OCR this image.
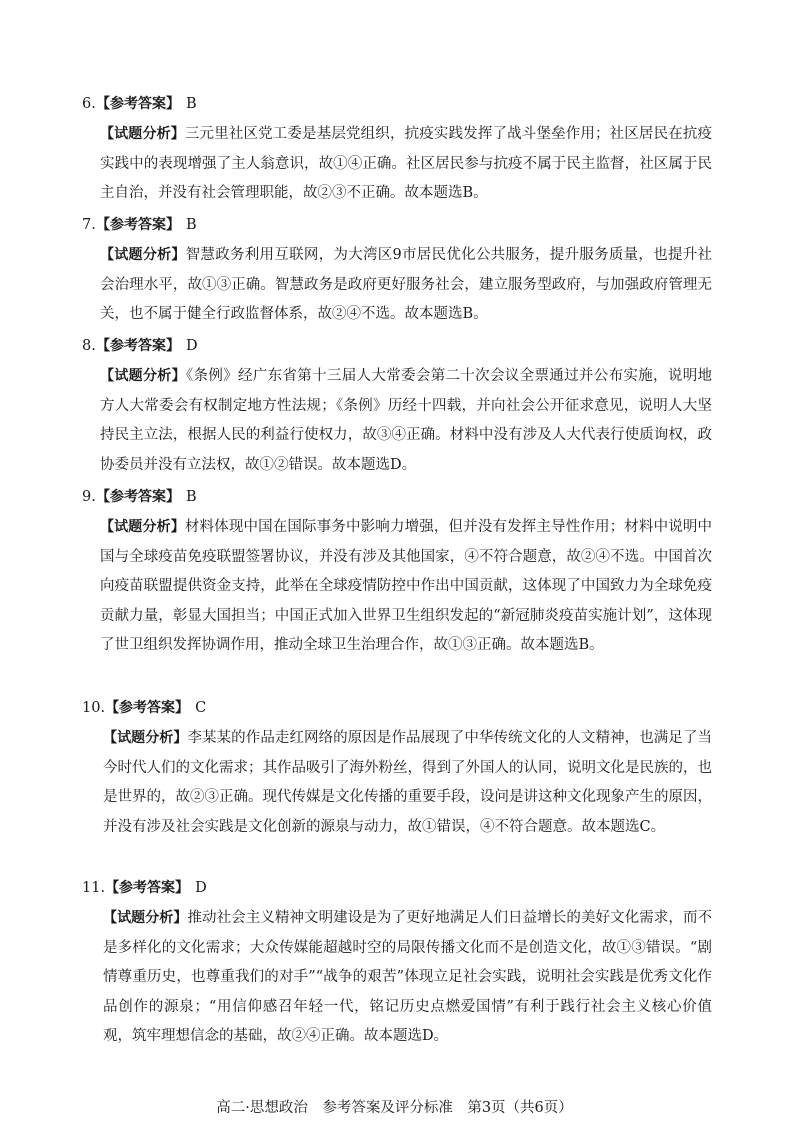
6.【参考答案】 B
【试题分析】三元里社区党工委是基层党组织，抗疫实践发挥了战斗堡垒作用；社区居民在抗疫实践中的表现增强了主人翁意识，故①④正确。社区居民参与抗疫不属于民主监督，社区属于民主自治，并没有社会管理职能，故②③不正确。故本题选B。
7.【参考答案】 B
【试题分析】智慧政务利用互联网，为大湾区9市居民优化公共服务，提升服务质量，也提升社会治理水平，故①③正确。智慧政务是政府更好服务社会，建立服务型政府，与加强政府管理无关，也不属于健全行政监督体系，故②④不选。故本题选B。
8.【参考答案】 D
【试题分析】《条例》经广东省第十三届人大常委会第二十次会议全票通过并公布实施，说明地方人大常委会有权制定地方性法规；《条例》历经十四载，并向社会公开征求意见，说明人大坚持民主立法，根据人民的利益行使权力，故③④正确。材料中没有涉及人大代表行使质询权，政协委员并没有立法权，故①②错误。故本题选D。
9.【参考答案】 B
【试题分析】材料体现中国在国际事务中影响力增强，但并没有发挥主导性作用；材料中说明中国与全球疫苗免疫联盟签署协议，并没有涉及其他国家，④不符合题意，故②④不选。中国首次向疫苗联盟提供资金支持，此举在全球疫情防控中作出中国贡献，这体现了中国致力为全球免疫贡献力量，彰显大国担当；中国正式加入世界卫生组织发起的“新冠肺炎疫苗实施计划”，这体现了世卫组织发挥协调作用，推动全球卫生治理合作，故①③正确。故本题选B。
10.【参考答案】 C
【试题分析】李某某的作品走红网络的原因是作品展现了中华传统文化的人文精神，也满足了当今时代人们的文化需求；其作品吸引了海外粉丝，得到了外国人的认同，说明文化是民族的，也是世界的，故②③正确。现代传媒是文化传播的重要手段，设问是讲这种文化现象产生的原因，并没有涉及社会实践是文化创新的源泉与动力，故①错误，④不符合题意。故本题选C。
11.【参考答案】 D
【试题分析】推动社会主义精神文明建设是为了更好地满足人们日益增长的美好文化需求，而不是多样化的文化需求；大众传媒能超越时空的局限传播文化而不是创造文化，故①③错误。“剧情尊重历史，也尊重我们的对手”“战争的艰苦”体现立足社会实践，说明社会实践是优秀文化作品创作的源泉；“用信仰感召年轻一代，铭记历史点燃爱国情”有利于践行社会主义核心价值观，筑牢理想信念的基础，故②④正确。故本题选D。
高二·思想政治　参考答案及评分标准　第3页（共6页）
